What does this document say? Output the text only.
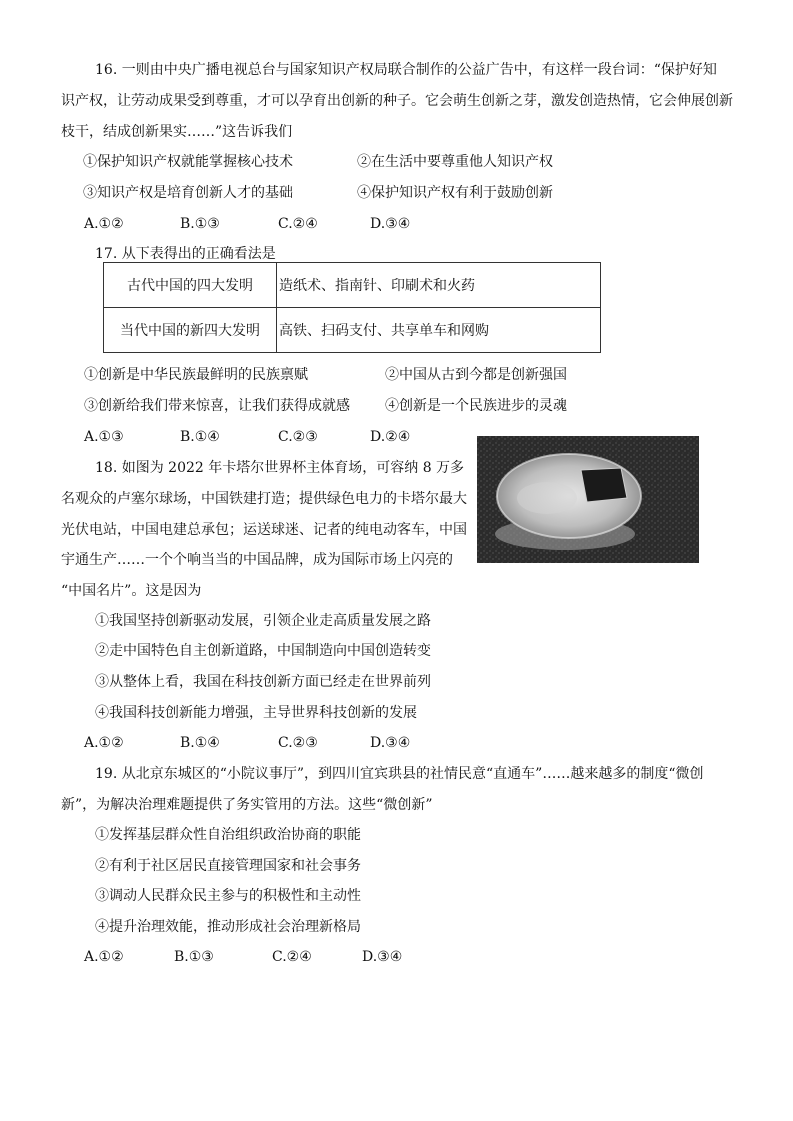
16. 一则由中央广播电视总台与国家知识产权局联合制作的公益广告中，有这样一段台词：“保护好知
识产权，让劳动成果受到尊重，才可以孕育出创新的种子。它会萌生创新之芽，激发创造热情，它会伸展创新
枝干，结成创新果实……”这告诉我们
①保护知识产权就能掌握核心技术	②在生活中要尊重他人知识产权
③知识产权是培育创新人才的基础	④保护知识产权有利于鼓励创新
A.①②	B.①③	C.②④	D.③④
17. 从下表得出的正确看法是
古代中国的四大发明	造纸术、指南针、印刷术和火药
当代中国的新四大发明	高铁、扫码支付、共享单车和网购
①创新是中华民族最鲜明的民族禀赋	②中国从古到今都是创新强国
③创新给我们带来惊喜，让我们获得成就感	④创新是一个民族进步的灵魂
A.①③	B.①④	C.②③	D.②④
18. 如图为 2022 年卡塔尔世界杯主体育场，可容纳 8 万多
名观众的卢塞尔球场，中国铁建打造；提供绿色电力的卡塔尔最大
光伏电站，中国电建总承包；运送球迷、记者的纯电动客车，中国
宇通生产……一个个响当当的中国品牌，成为国际市场上闪亮的
“中国名片”。这是因为
①我国坚持创新驱动发展，引领企业走高质量发展之路
②走中国特色自主创新道路，中国制造向中国创造转变
③从整体上看，我国在科技创新方面已经走在世界前列
④我国科技创新能力增强，主导世界科技创新的发展
A.①②	B.①④	C.②③	D.③④
19. 从北京东城区的“小院议事厅”，到四川宜宾珙县的社情民意“直通车”……越来越多的制度“微创
新”，为解决治理难题提供了务实管用的方法。这些“微创新”
①发挥基层群众性自治组织政治协商的职能
②有利于社区居民直接管理国家和社会事务
③调动人民群众民主参与的积极性和主动性
④提升治理效能，推动形成社会治理新格局
A.①②	B.①③	C.②④	D.③④
